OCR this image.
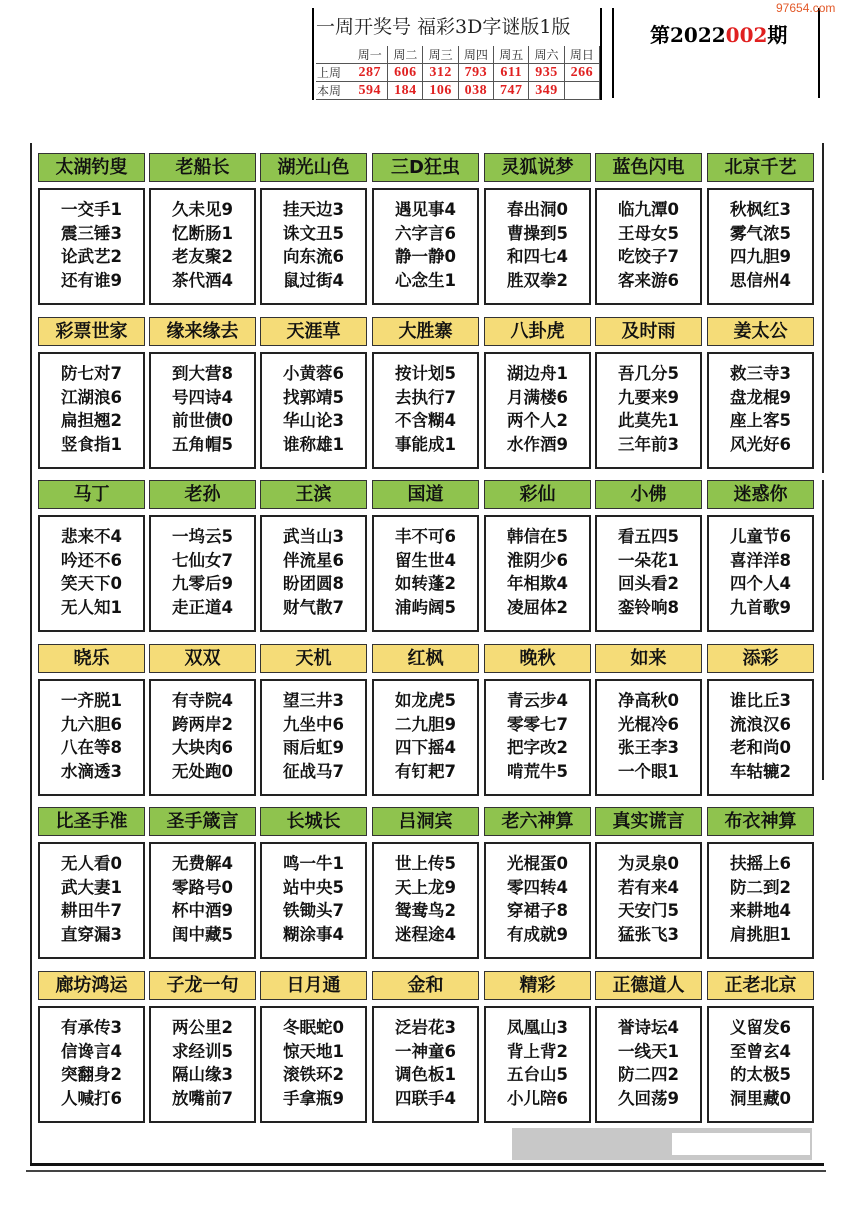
一周开奖号 福彩3D字谜版1版
	周一	周二	周三	周四	周五	周六	周日
上周	287	606	312	793	611	935	266
本周	594	184	106	038	747	349	
第2022002期
97654.com
太湖钓叟
一交手1
震三锤3
论武艺2
还有谁9
老船长
久未见9
忆断肠1
老友聚2
茶代酒4
湖光山色
挂天边3
诛文丑5
向东流6
鼠过街4
三D狂虫
遇见事4
六字言6
静一静0
心念生1
灵狐说梦
春出洞0
曹操到5
和四七4
胜双拳2
蓝色闪电
临九潭0
王母女5
吃饺子7
客来游6
北京千艺
秋枫红3
雾气浓5
四九胆9
思信州4
彩票世家
防七对7
江湖浪6
扁担翘2
竖食指1
缘来缘去
到大营8
号四诗4
前世债0
五角帽5
天涯草
小黄蓉6
找郭靖5
华山论3
谁称雄1
大胜寨
按计划5
去执行7
不含糊4
事能成1
八卦虎
湖边舟1
月满楼6
两个人2
水作酒9
及时雨
吾几分5
九要来9
此莫先1
三年前3
姜太公
救三寺3
盘龙棍9
座上客5
风光好6
马丁
悲来不4
吟还不6
笑天下0
无人知1
老孙
一坞云5
七仙女7
九零后9
走正道4
王滨
武当山3
伴流星6
盼团圆8
财气散7
国道
丰不可6
留生世4
如转蓬2
浦屿阔5
彩仙
韩信在5
淮阴少6
年相欺4
凌屈体2
小佛
看五四5
一朵花1
回头看2
銮铃响8
迷惑你
儿童节6
喜洋洋8
四个人4
九首歌9
晓乐
一齐脱1
九六胆6
八在等8
水滴透3
双双
有寺院4
跨两岸2
大块肉6
无处跑0
天机
望三井3
九坐中6
雨后虹9
征战马7
红枫
如龙虎5
二九胆9
四下摇4
有钉耙7
晚秋
青云步4
零零七7
把字改2
啃荒牛5
如来
净高秋0
光棍冷6
张王李3
一个眼1
添彩
谁比丘3
流浪汉6
老和尚0
车轱辘2
比圣手准
无人看0
武大妻1
耕田牛7
直穿漏3
圣手箴言
无费解4
零路号0
杯中酒9
闺中藏5
长城长
鸣一牛1
站中央5
铁锄头7
糊涂事4
吕洞宾
世上传5
天上龙9
鸳鸯鸟2
迷程途4
老六神算
光棍蛋0
零四转4
穿裙子8
有成就9
真实谎言
为灵泉0
若有来4
天安门5
猛张飞3
布衣神算
扶摇上6
防二到2
来耕地4
肩挑胆1
廊坊鸿运
有承传3
信谗言4
突翻身2
人喊打6
子龙一句
两公里2
求经训5
隔山缘3
放嘴前7
日月通
冬眠蛇0
惊天地1
滚铁环2
手拿瓶9
金和
泛岩花3
一神童6
调色板1
四联手4
精彩
凤凰山3
背上背2
五台山5
小儿陪6
正德道人
誉诗坛4
一线天1
防二四2
久回荡9
正老北京
义留发6
至曾玄4
的太极5
洞里藏0
